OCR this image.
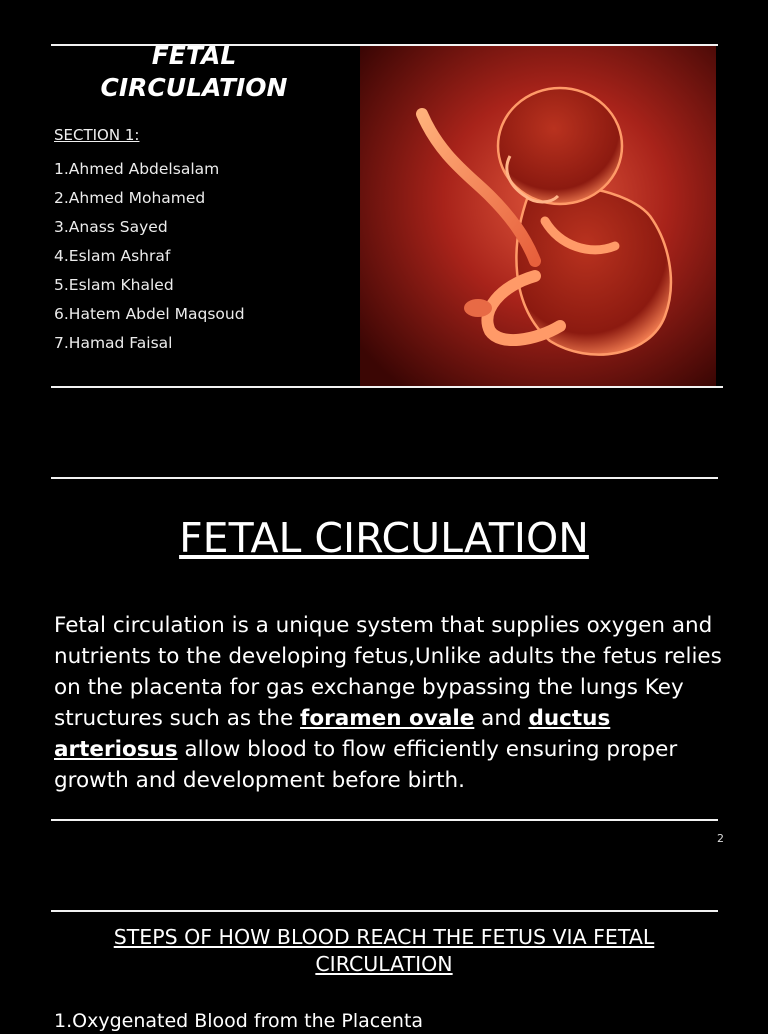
FETAL
CIRCULATION
SECTION 1:
1.Ahmed Abdelsalam
2.Ahmed Mohamed
3.Anass Sayed
4.Eslam Ashraf
5.Eslam Khaled
6.Hatem Abdel Maqsoud
7.Hamad Faisal
FETAL CIRCULATION
Fetal circulation is a unique system that supplies oxygen and nutrients to the developing fetus,Unlike adults the fetus relies on the placenta for gas exchange bypassing the lungs Key structures such as the foramen ovale and ductus arteriosus allow blood to flow efficiently ensuring proper growth and development before birth.
2
STEPS OF HOW BLOOD REACH THE FETUS VIA FETAL CIRCULATION
1.Oxygenated Blood from the Placenta
